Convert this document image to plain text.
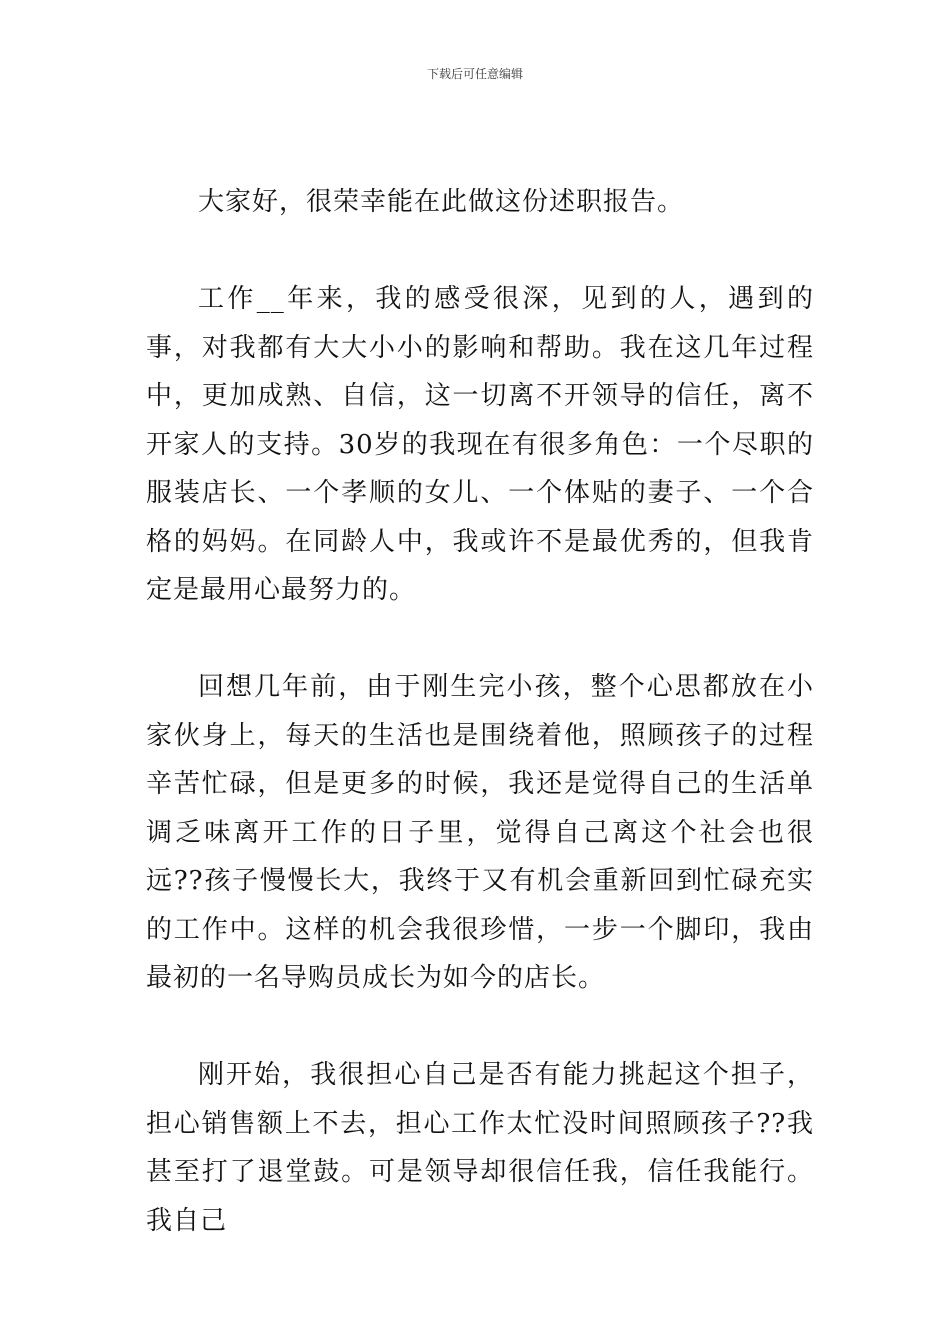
下载后可任意编辑

大家好，很荣幸能在此做这份述职报告。

工作__年来，我的感受很深，见到的人，遇到的事，对我都有大大小小的影响和帮助。我在这几年过程中，更加成熟、自信，这一切离不开领导的信任，离不开家人的支持。30岁的我现在有很多角色：一个尽职的服装店长、一个孝顺的女儿、一个体贴的妻子、一个合格的妈妈。在同龄人中，我或许不是最优秀的，但我肯定是最用心最努力的。

回想几年前，由于刚生完小孩，整个心思都放在小家伙身上，每天的生活也是围绕着他，照顾孩子的过程辛苦忙碌，但是更多的时候，我还是觉得自己的生活单调乏味离开工作的日子里，觉得自己离这个社会也很远??孩子慢慢长大，我终于又有机会重新回到忙碌充实的工作中。这样的机会我很珍惜，一步一个脚印，我由最初的一名导购员成长为如今的店长。

刚开始，我很担心自己是否有能力挑起这个担子，担心销售额上不去，担心工作太忙没时间照顾孩子??我甚至打了退堂鼓。可是领导却很信任我，信任我能行。我自己
